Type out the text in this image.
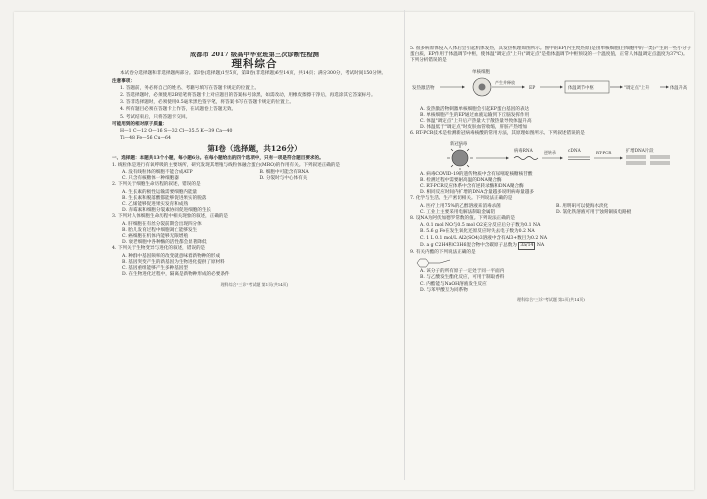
成都市 2017 级高中毕业班第三次诊断性检测
理科综合
本试卷分选择题和非选择题两部分。第Ⅰ卷(选择题)1至5页，第Ⅱ卷(非选择题)6至14页，共14页；满分300分，考试时间150分钟。
注意事项：
1. 答题前，务必将自己的姓名、考籍号填写在答题卡规定的位置上。
2. 答选择题时，必须使用2B铅笔将答题卡上对应题目的答案标号涂黑，如需改动，用橡皮擦擦干净后，再选涂其它答案标号。
3. 答非选择题时，必须使用0.5毫米黑色签字笔，将答案书写在答题卡规定的位置上。
4. 所有题目必须在答题卡上作答，在试题卷上答题无效。
5. 考试结束后，只将答题卡交回。
可能用到的相对原子质量：
H—1 C—12 O—16 S—32 Cl—35.5 K—39 Ca—40
Ti—48 Fe—56 Cu—64
第Ⅰ卷（选择题，共126分）
一、选择题：本题共13个小题，每小题6分。在每小题给出的四个选项中，只有一项是符合题目要求的。
1. 线粒体是进行有氧呼吸的主要场所，研究发现其增殖与线粒体融合蛋白(MRO)的作用有关。下列叙述正确的是
A. 没有线粒体的细胞不能合成ATP	B. 细胞中可能含有RNA
C. 只含有核糖体一种细胞器	D. 分裂时与中心体有关
2. 下列关于细胞生命历程的叙述，错误的是
A. 生长素的极性运输需要细胞内能量
B. 生长素和脱落酸都能够促进果实的脱落
C. 乙烯能够促进果实发育和成熟
D. 赤霉素和细胞分裂素协同促进细胞的生长
3. 下列对人体细胞生命历程中相关现象的叙述，正确的是
A. 肝细胞在有丝分裂前期会出现四分体
B. 胎儿发育过程中细胞凋亡能够发生
C. 癌细胞在机体内能够无限增殖
D. 衰老细胞中各种酶的活性都会显著降低
4. 下列关于生物变异与进化的叙述，错误的是
A. 种群中基因频率的改变就意味着新物种的形成
B. 基因突变产生的新基因为生物进化提供了原材料
C. 基因重组能够产生多种基因型
D. 在生物进化过程中，隔离是新物种形成的必要条件
理科综合"三诊"考试题 第1页(共14页)
5. 很多病原体侵入人体后会引起机体发热，其发热机理如图所示。图中的EP(内生致热原)是由单核细胞(白细胞中的一类)产生的一些小分子蛋白质，EP作用于体温调节中枢，使体温"调定点"上升("调定点"是指体温调节中枢预设的一个温度值，正常人体温调定点温度为37℃)。下列分析错误的是
发热激活物
单核细胞
产生并释放
EP	体温调节中枢	"调定点"上升	体温升高
A. 发热激活物刺激单核细胞会引起EP蛋白基因的表达
B. 单核细胞产生的EP通过血液运输到下丘脑发挥作用
C. 体温"调定点"上升后产热量大于散热量导致体温升高
D. 体温低于"调定点"时皮肤血管收缩，肝脏产热增加
6. RT-PCR技术是检测新冠病毒核酸的常用方法，其原理如图所示。下列叙述错误的是
新冠病毒
病毒RNA	逆转录	cDNA	RT-PCR	扩增DNA片段
A. 病毒COVID-19的遗传物质中含有尿嘧啶核糖核苷酸
B. 检测过程中需要耐高温的DNA聚合酶
C. RT-PCR反应体系中含有逆转录酶和DNA聚合酶
D. 相同反应时间内扩增的DNA含量越多说明病毒量越多
7. 化学与生活、生产密切相关。下列说法正确的是
A. 医疗上用75%的乙醇溶液来消毒杀菌	B. 用明矾可以使海水淡化
C. 工业上主要采用电解法制取金属铝	D. 氯化铁溶液可用于蚀刻铜质电路板
8. 设NA为阿伏加德罗常数的值。下列说法正确的是
A. 0.1 mol NO与0.5 mol O2充分反应后分子数为0.1 NA
B. 5.6 g Fe在发生氧化还原反应时失去电子数为0.2 NA
C. 1 L 0.1 mol/L Al2(SO4)3溶液中含有Al3+数目为0.2 NA
D. a g C2H4和C3H6混合物中含碳原子总数为 3a/14 NA
9. 有关内酯的下列说法正确的是
A. 该分子的所有原子一定处于同一平面内
B. 与乙酸发生酯化反应，可用于制取香料
C. 内酯能与NaOH溶液发生反应
D. 与苯甲酸互为同系物
理科综合"三诊"考试题 第2页(共14页)
